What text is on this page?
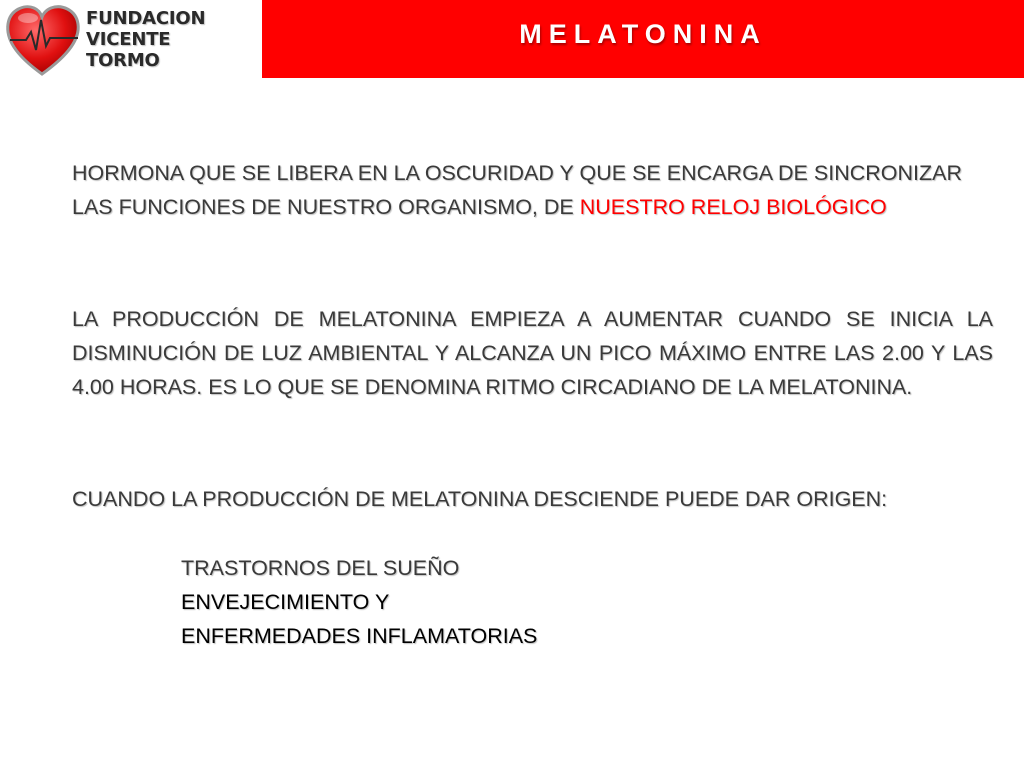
FUNDACION
VICENTE TORMO
MELATONINA

HORMONA QUE SE LIBERA EN LA OSCURIDAD Y QUE SE ENCARGA DE SINCRONIZAR LAS FUNCIONES DE NUESTRO ORGANISMO, DE NUESTRO RELOJ BIOLÓGICO

LA PRODUCCIÓN DE MELATONINA EMPIEZA A AUMENTAR CUANDO SE INICIA LA DISMINUCIÓN DE LUZ AMBIENTAL Y ALCANZA UN PICO MÁXIMO ENTRE LAS 2.00 Y LAS 4.00 HORAS. ES LO QUE SE DENOMINA RITMO CIRCADIANO DE LA MELATONINA.

CUANDO LA PRODUCCIÓN DE MELATONINA DESCIENDE PUEDE DAR ORIGEN:

TRASTORNOS DEL SUEÑO
ENVEJECIMIENTO Y
ENFERMEDADES INFLAMATORIAS
